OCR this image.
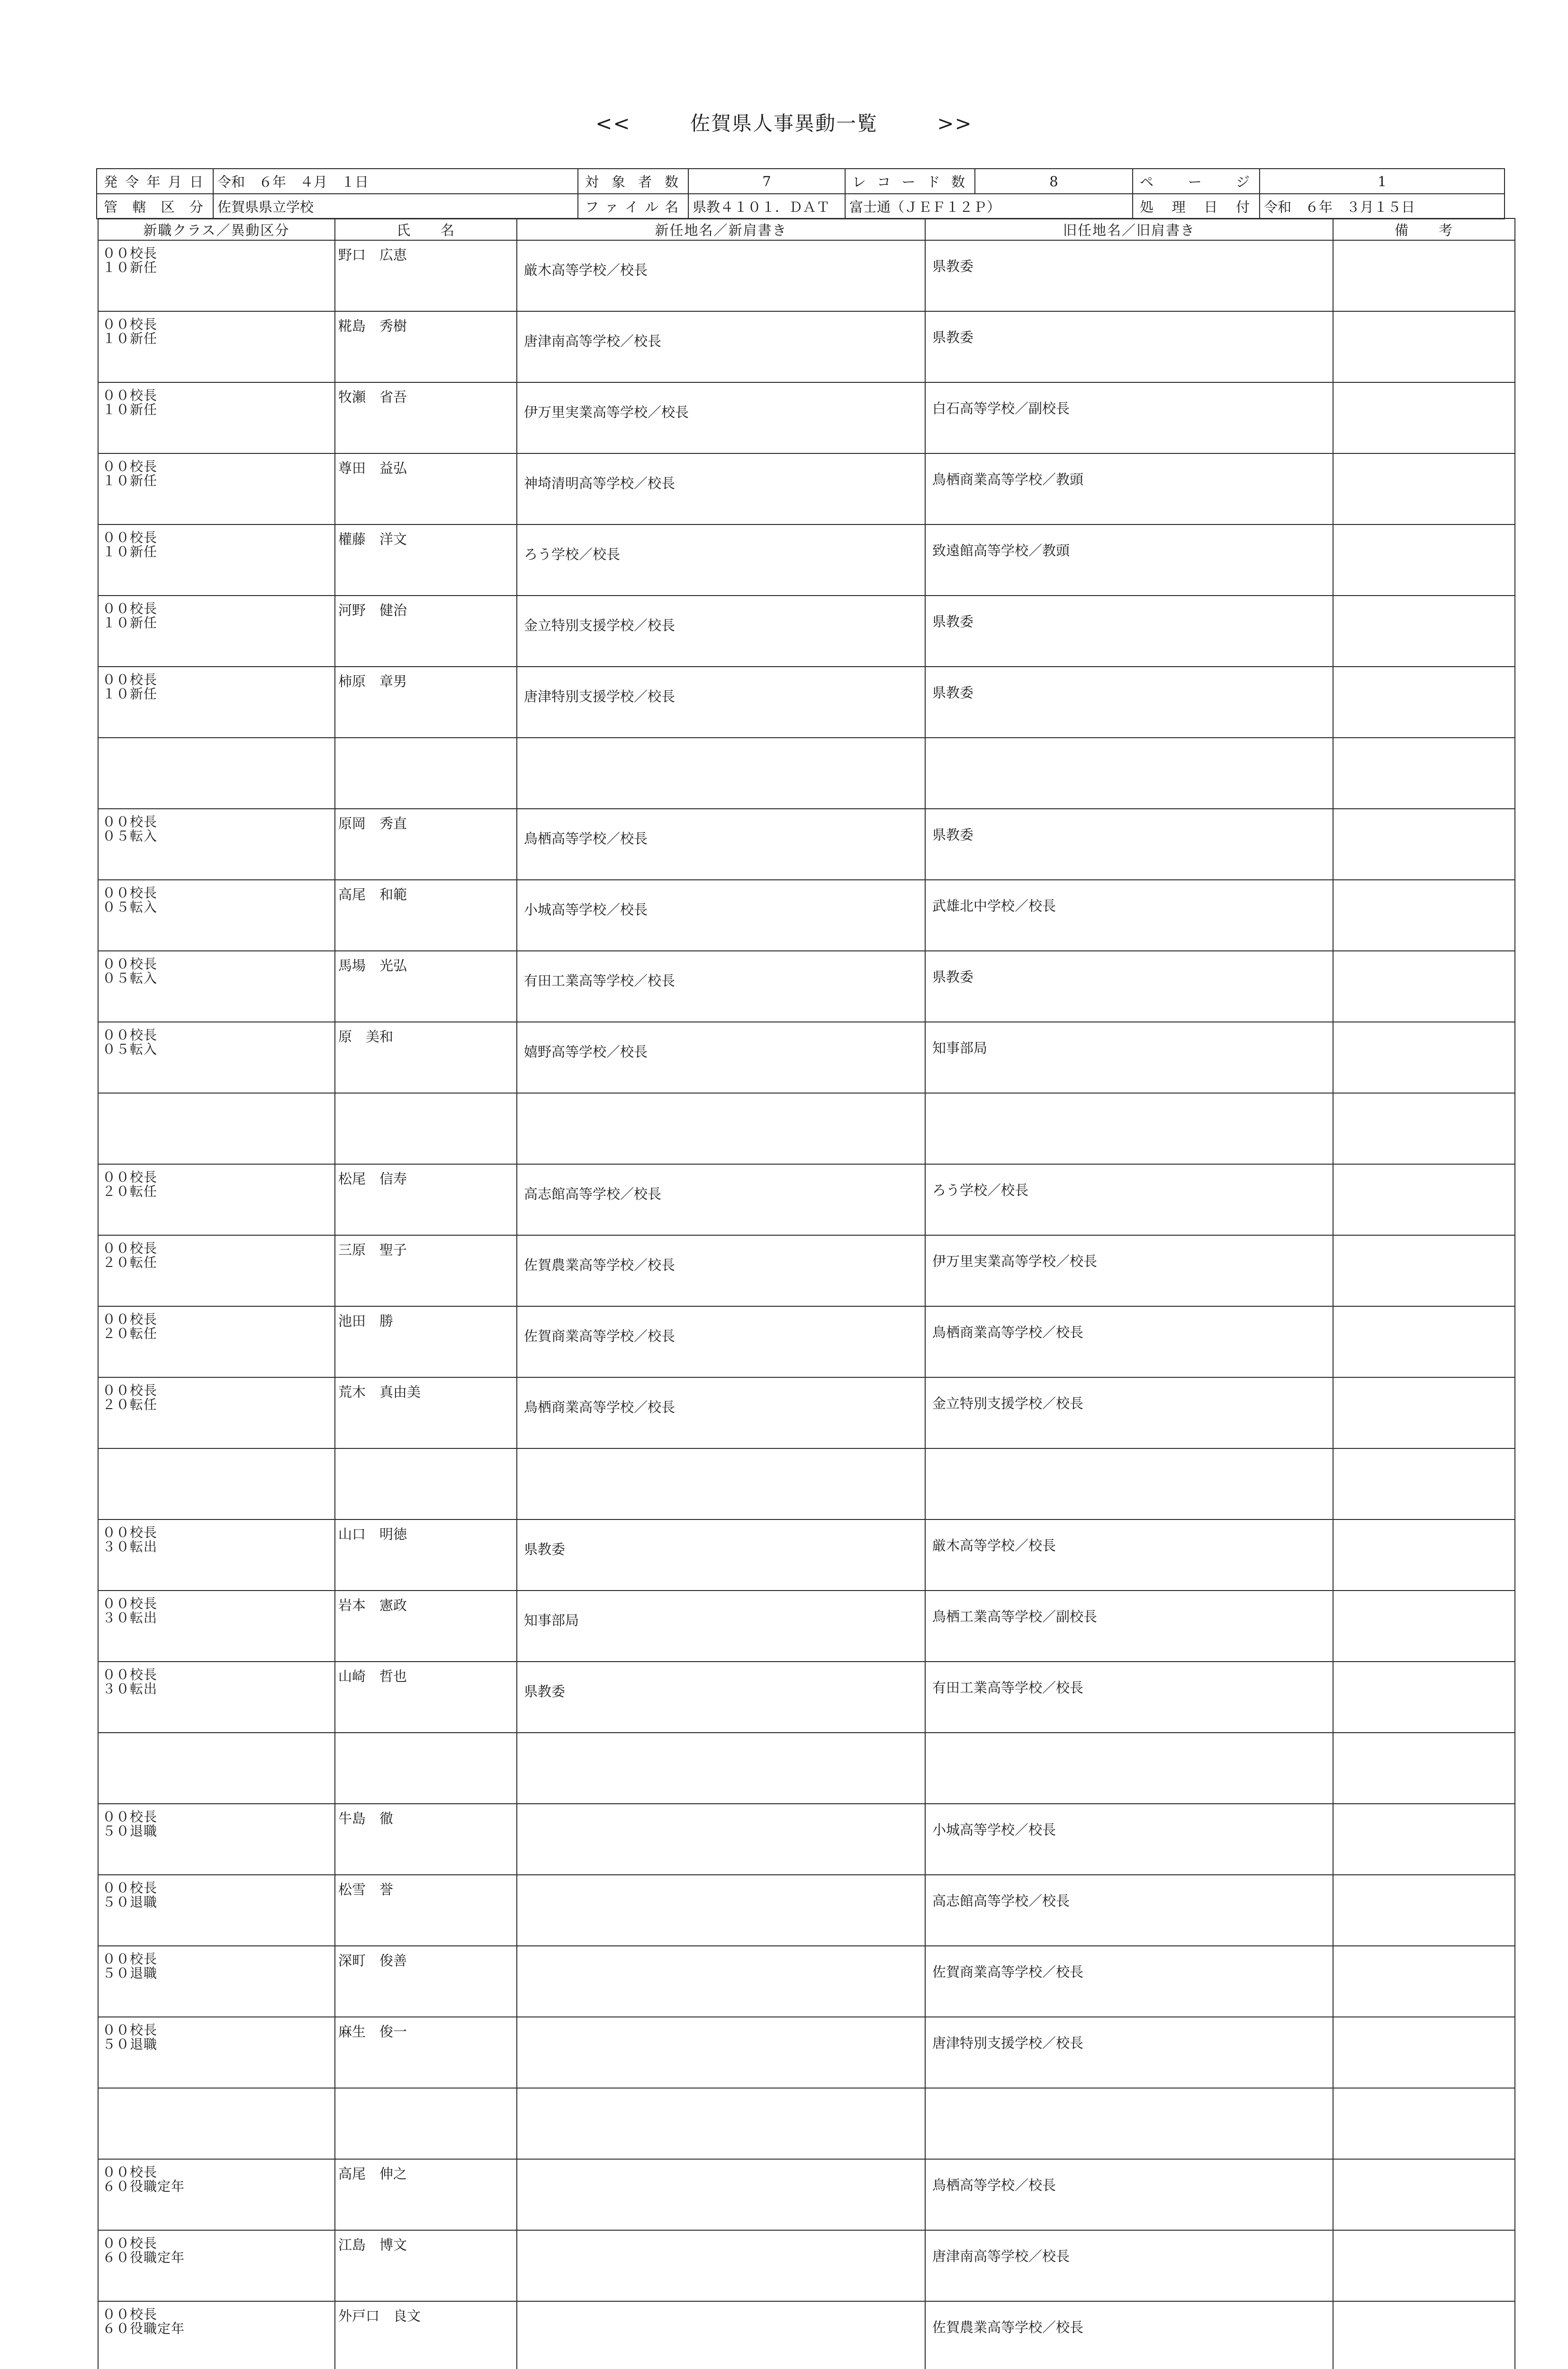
<<	佐賀県人事異動一覧	>>
発令年月日	令和　６年　４月　１日	対象者数	7	レコード数	8	ページ	1
管轄区分	佐賀県県立学校	ファイル名	県教４１０１．ＤＡＴ	富士通（ＪＥＦ１２Ｐ）		処理日付	令和　６年　３月１５日
新職クラス／異動区分	氏　　名	新任地名／新肩書き	旧任地名／旧肩書き	備　　考

００校長
１０新任	野口　広恵	厳木高等学校／校長	県教委	

００校長
１０新任	糀島　秀樹	唐津南高等学校／校長	県教委	

００校長
１０新任	牧瀬　省吾	伊万里実業高等学校／校長	白石高等学校／副校長	

００校長
１０新任	尊田　益弘	神埼清明高等学校／校長	鳥栖商業高等学校／教頭	

００校長
１０新任	權藤　洋文	ろう学校／校長	致遠館高等学校／教頭	

００校長
１０新任	河野　健治	金立特別支援学校／校長	県教委	

００校長
１０新任	柿原　章男	唐津特別支援学校／校長	県教委	

００校長
０５転入	原岡　秀直	鳥栖高等学校／校長	県教委	

００校長
０５転入	高尾　和範	小城高等学校／校長	武雄北中学校／校長	

００校長
０５転入	馬場　光弘	有田工業高等学校／校長	県教委	

００校長
０５転入	原　美和	嬉野高等学校／校長	知事部局	

００校長
２０転任	松尾　信寿	高志館高等学校／校長	ろう学校／校長	

００校長
２０転任	三原　聖子	佐賀農業高等学校／校長	伊万里実業高等学校／校長	

００校長
２０転任	池田　勝	佐賀商業高等学校／校長	鳥栖商業高等学校／校長	

００校長
２０転任	荒木　真由美	鳥栖商業高等学校／校長	金立特別支援学校／校長	

００校長
３０転出	山口　明徳	県教委	厳木高等学校／校長	

００校長
３０転出	岩本　憲政	知事部局	鳥栖工業高等学校／副校長	

００校長
３０転出	山崎　哲也	県教委	有田工業高等学校／校長	

００校長
５０退職	牛島　徹		小城高等学校／校長	

００校長
５０退職	松雪　誉		高志館高等学校／校長	

００校長
５０退職	深町　俊善		佐賀商業高等学校／校長	

００校長
５０退職	麻生　俊一		唐津特別支援学校／校長	

００校長
６０役職定年	高尾　伸之		鳥栖高等学校／校長	

００校長
６０役職定年	江島　博文		唐津南高等学校／校長	

００校長
６０役職定年	外戸口　良文		佐賀農業高等学校／校長	
